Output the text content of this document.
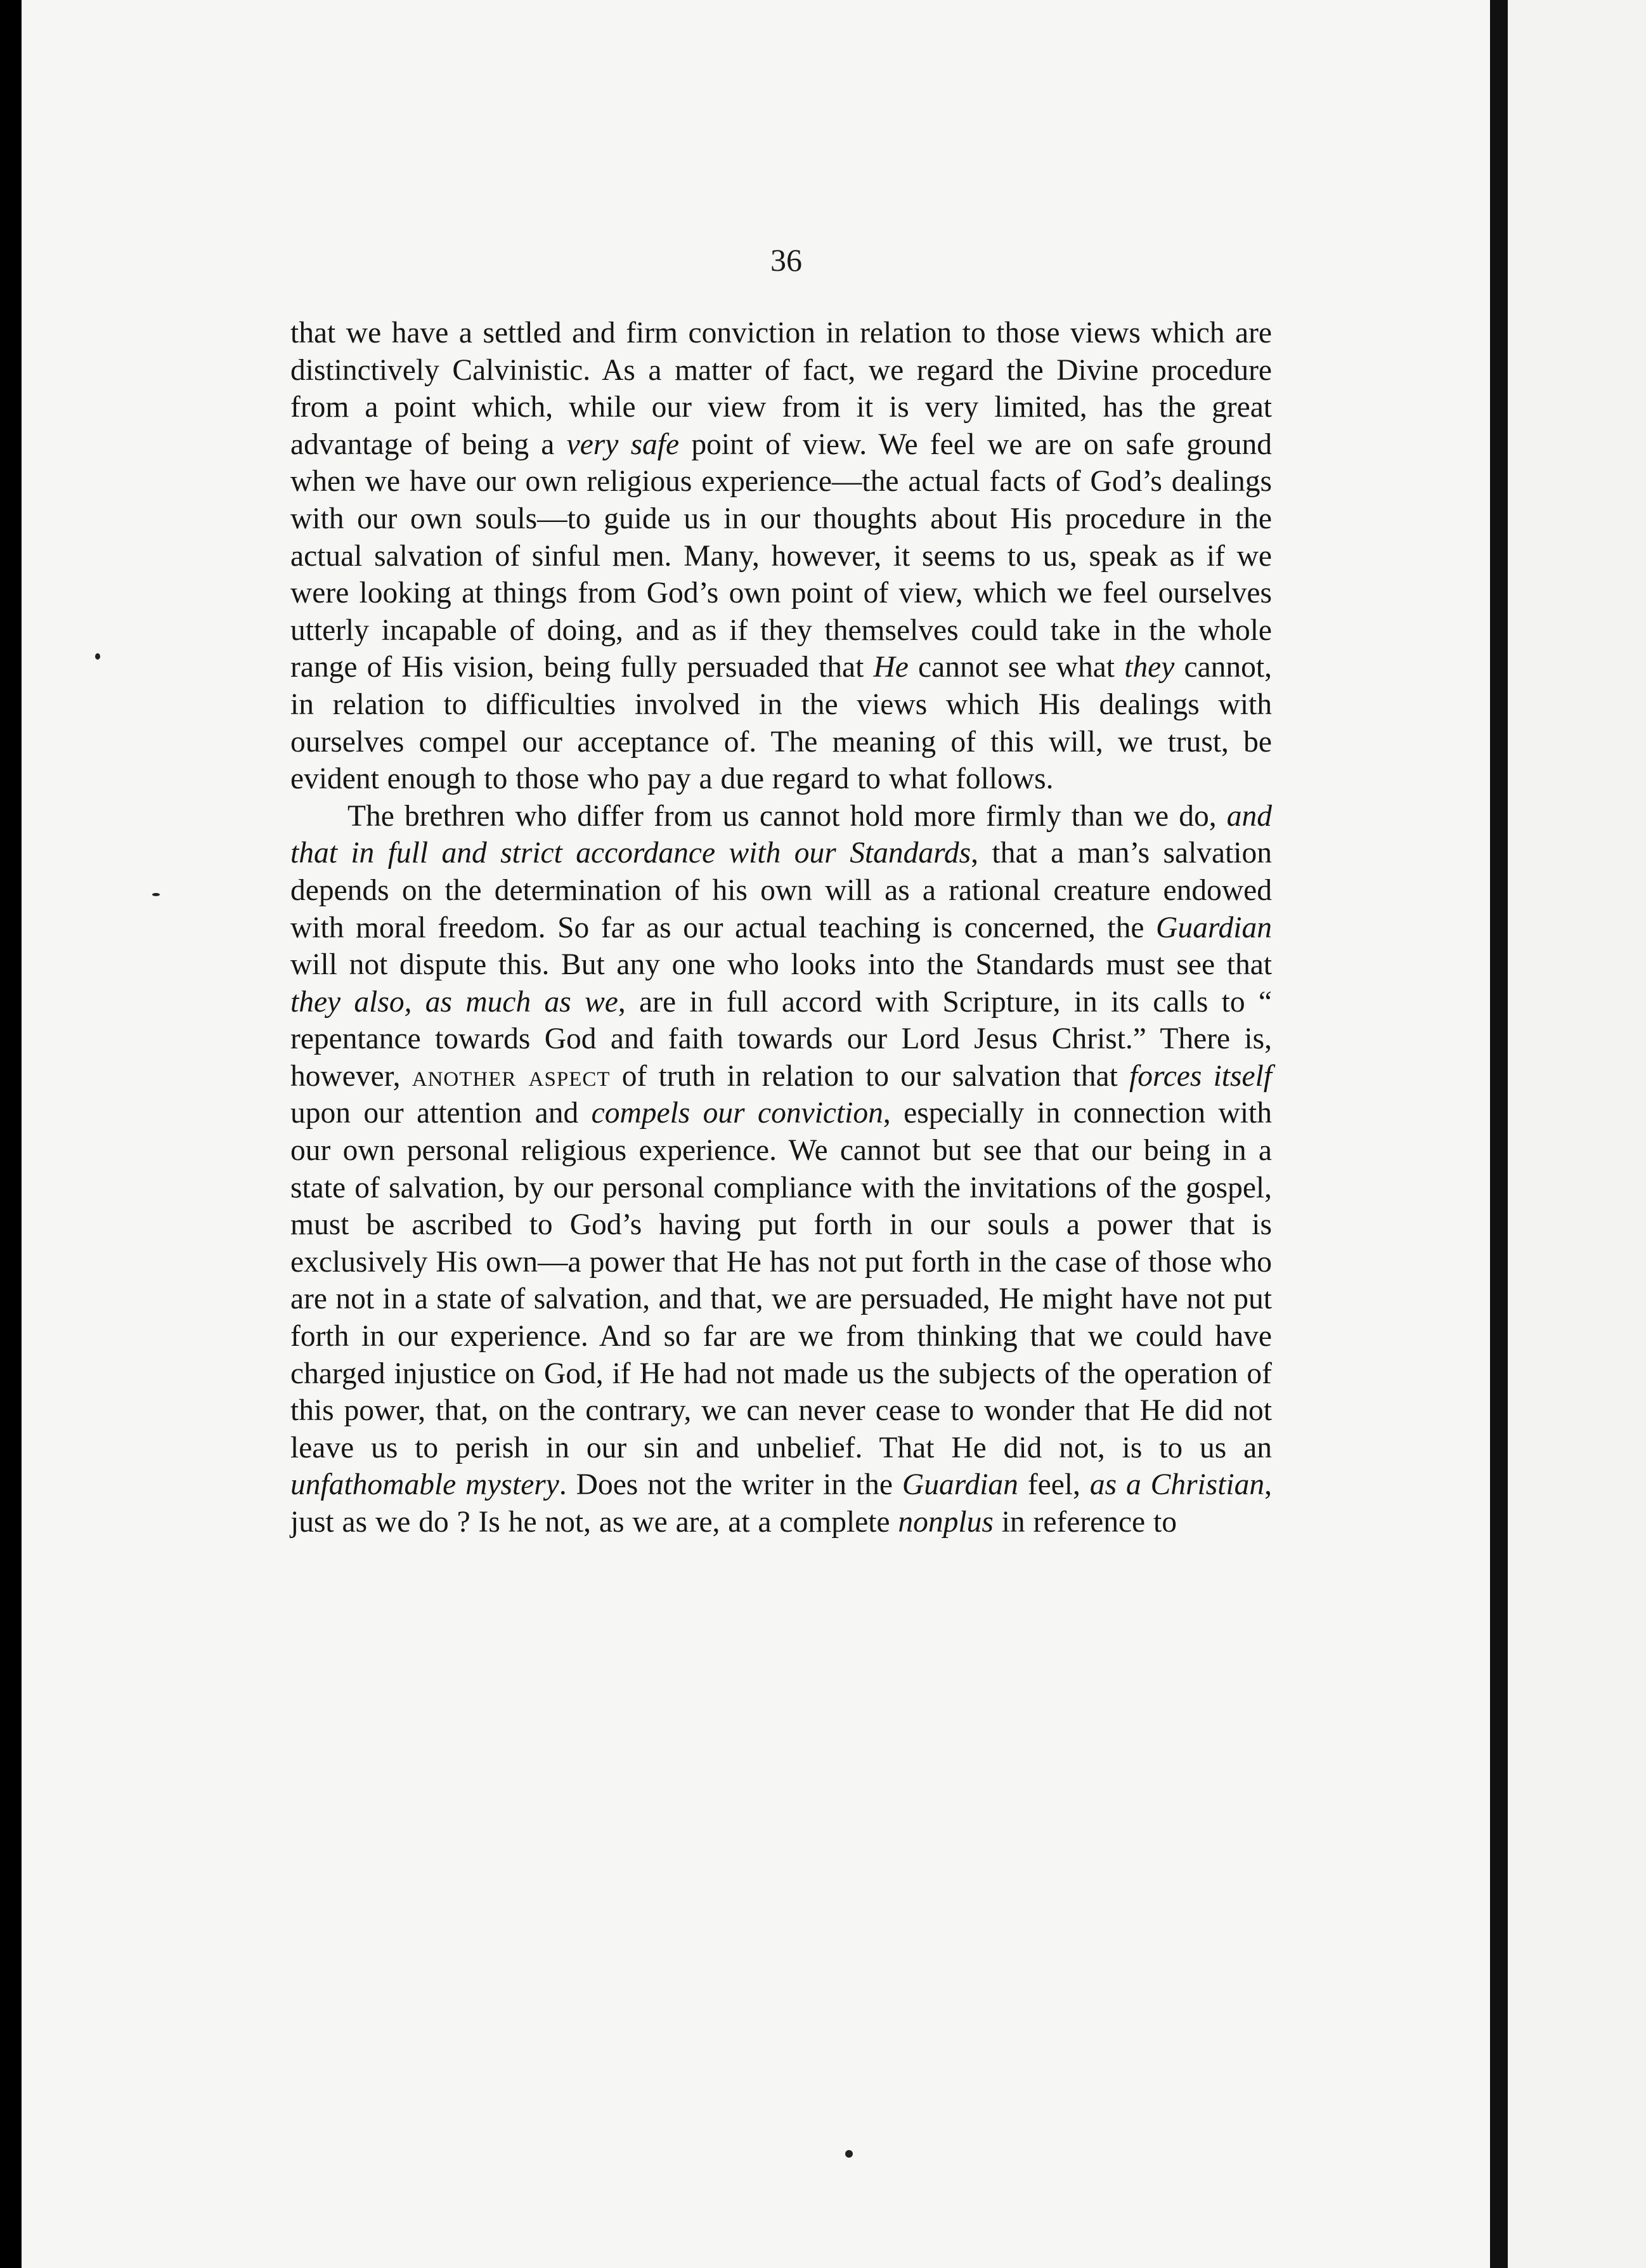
36

that we have a settled and firm conviction in relation to those views which are distinctively Calvinistic. As a matter of fact, we regard the Divine procedure from a point which, while our view from it is very limited, has the great advantage of being a very safe point of view. We feel we are on safe ground when we have our own religious experience—the actual facts of God’s dealings with our own souls—to guide us in our thoughts about His procedure in the actual salvation of sinful men. Many, however, it seems to us, speak as if we were looking at things from God’s own point of view, which we feel ourselves utterly incapable of doing, and as if they themselves could take in the whole range of His vision, being fully persuaded that He cannot see what they cannot, in relation to difficulties involved in the views which His dealings with ourselves compel our acceptance of. The meaning of this will, we trust, be evident enough to those who pay a due regard to what follows.

The brethren who differ from us cannot hold more firmly than we do, and that in full and strict accordance with our Standards, that a man’s salvation depends on the determination of his own will as a rational creature endowed with moral freedom. So far as our actual teaching is concerned, the Guardian will not dispute this. But any one who looks into the Standards must see that they also, as much as we, are in full accord with Scripture, in its calls to “ repentance towards God and faith towards our Lord Jesus Christ.” There is, however, another aspect of truth in relation to our salvation that forces itself upon our attention and compels our conviction, especially in connection with our own personal religious experience. We cannot but see that our being in a state of salvation, by our personal compliance with the invitations of the gospel, must be ascribed to God’s having put forth in our souls a power that is exclusively His own—a power that He has not put forth in the case of those who are not in a state of salvation, and that, we are persuaded, He might have not put forth in our experience. And so far are we from thinking that we could have charged injustice on God, if He had not made us the subjects of the operation of this power, that, on the contrary, we can never cease to wonder that He did not leave us to perish in our sin and unbelief. That He did not, is to us an unfathomable mystery. Does not the writer in the Guardian feel, as a Christian, just as we do ? Is he not, as we are, at a complete nonplus in reference to
